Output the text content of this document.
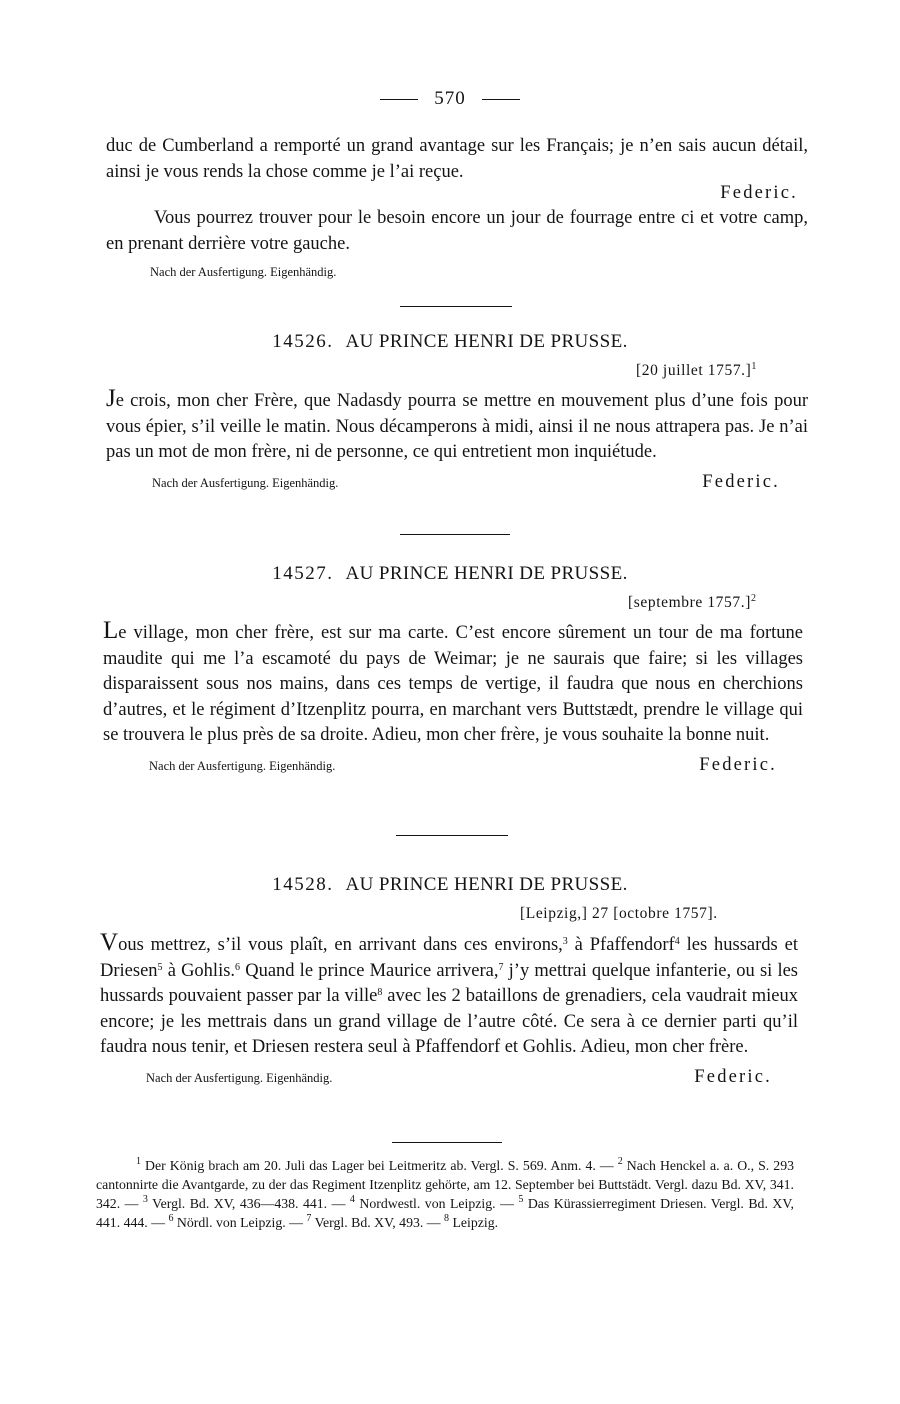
570

duc de Cumberland a remporté un grand avantage sur les Français; je n’en sais aucun détail, ainsi je vous rends la chose comme je l’ai reçue.

Federic.

Vous pourrez trouver pour le besoin encore un jour de fourrage entre ci et votre camp, en prenant derrière votre gauche.

Nach der Ausfertigung. Eigenhändig.
14526. AU PRINCE HENRI DE PRUSSE.
[20 juillet 1757.]$^1$

Je crois, mon cher Frère, que Nadasdy pourra se mettre en mouvement plus d’une fois pour vous épier, s’il veille le matin. Nous décamperons à midi, ainsi il ne nous attrapera pas. Je n’ai pas un mot de mon frère, ni de personne, ce qui entretient mon inquiétude.

Nach der Ausfertigung. Eigenhändig.	Federic.
14527. AU PRINCE HENRI DE PRUSSE.
[septembre 1757.]$^2$

Le village, mon cher frère, est sur ma carte. C’est encore sûrement un tour de ma fortune maudite qui me l’a escamoté du pays de Weimar; je ne saurais que faire; si les villages disparaissent sous nos mains, dans ces temps de vertige, il faudra que nous en cherchions d’autres, et le régiment d’Itzenplitz pourra, en marchant vers Buttstædt, prendre le village qui se trouvera le plus près de sa droite. Adieu, mon cher frère, je vous souhaite la bonne nuit.

Nach der Ausfertigung. Eigenhändig.	Federic.
14528. AU PRINCE HENRI DE PRUSSE.
[Leipzig,] 27 [octobre 1757].

Vous mettrez, s’il vous plaît, en arrivant dans ces environs,$^3$ à Pfaffendorf$^4$ les hussards et Driesen$^5$ à Gohlis.$^6$ Quand le prince Maurice arrivera,$^7$ j’y mettrai quelque infanterie, ou si les hussards pouvaient passer par la ville$^8$ avec les 2 bataillons de grenadiers, cela vaudrait mieux encore; je les mettrais dans un grand village de l’autre côté. Ce sera à ce dernier parti qu’il faudra nous tenir, et Driesen restera seul à Pfaffendorf et Gohlis. Adieu, mon cher frère.

Nach der Ausfertigung. Eigenhändig.	Federic.

$^1$ Der König brach am 20. Juli das Lager bei Leitmeritz ab. Vergl. S. 569. Anm. 4. — $^2$ Nach Henckel a. a. O., S. 293 cantonnirte die Avantgarde, zu der das Regiment Itzenplitz gehörte, am 12. September bei Buttstädt. Vergl. dazu Bd. XV, 341. 342. — $^3$ Vergl. Bd. XV, 436—438. 441. — $^4$ Nordwestl. von Leipzig. — $^5$ Das Kürassierregiment Driesen. Vergl. Bd. XV, 441. 444. — $^6$ Nördl. von Leipzig. — $^7$ Vergl. Bd. XV, 493. — $^8$ Leipzig.
